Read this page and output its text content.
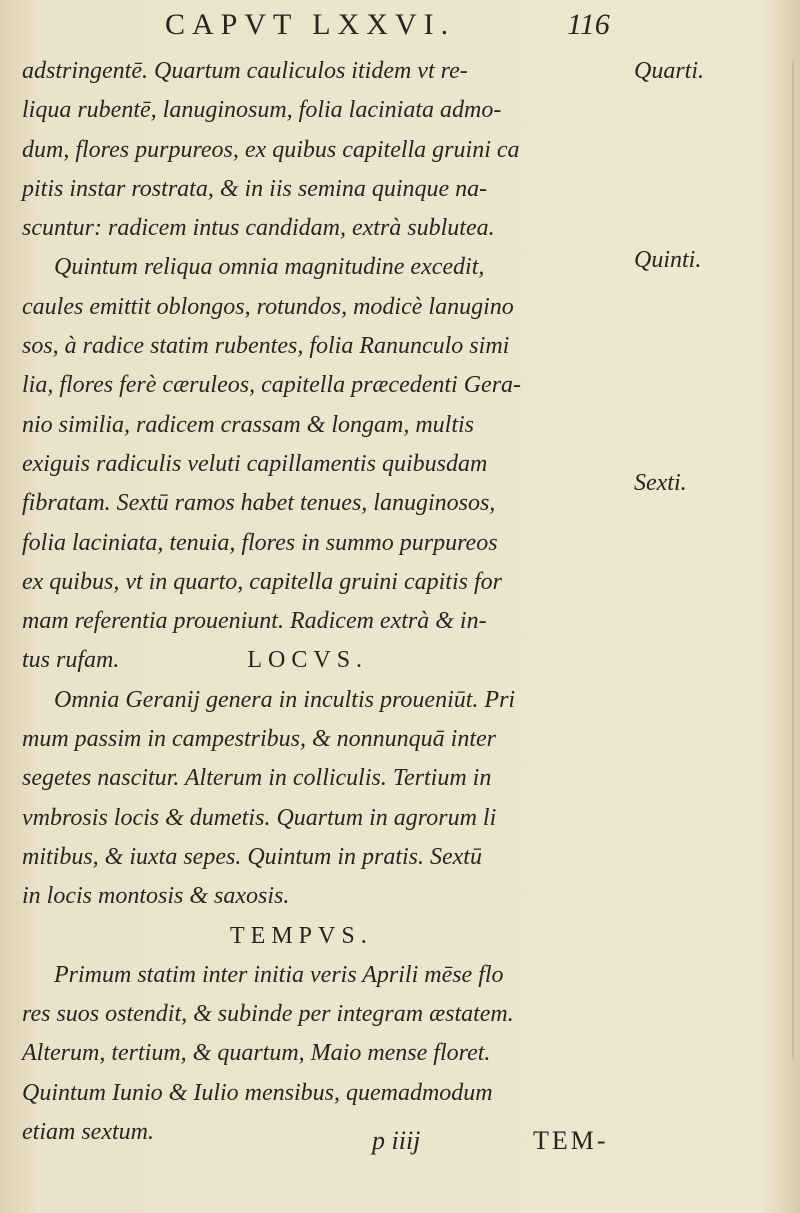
CAPVT LXXVI.	116
Quarti.
Quinti.
Sexti.
adstringentē. Quartum cauliculos itidem vt re-
liqua rubentē, lanuginosum, folia laciniata admo-
dum, flores purpureos, ex quibus capitella gruini ca
pitis instar rostrata, & in iis semina quinque na-
scuntur: radicem intus candidam, extrà sublutea.
Quintum reliqua omnia magnitudine excedit,
caules emittit oblongos, rotundos, modicè lanugino
sos, à radice statim rubentes, folia Ranunculo simi
lia, flores ferè cæruleos, capitella præcedenti Gera-
nio similia, radicem crassam & longam, multis
exiguis radiculis veluti capillamentis quibusdam
fibratam. Sextū ramos habet tenues, lanuginosos,
folia laciniata, tenuia, flores in summo purpureos
ex quibus, vt in quarto, capitella gruini capitis for
mam referentia proueniunt. Radicem extrà & in-
tus rufam.	LOCVS.
Omnia Geranij genera in incultis proueniūt. Pri
mum passim in campestribus, & nonnunquā inter
segetes nascitur. Alterum in colliculis. Tertium in
vmbrosis locis & dumetis. Quartum in agrorum li
mitibus, & iuxta sepes. Quintum in pratis. Sextū
in locis montosis & saxosis.
TEMPVS.
Primum statim inter initia veris Aprili mēse flo
res suos ostendit, & subinde per integram æstatem.
Alterum, tertium, & quartum, Maio mense floret.
Quintum Iunio & Iulio mensibus, quemadmodum
etiam sextum.	p iiij	TEM-
